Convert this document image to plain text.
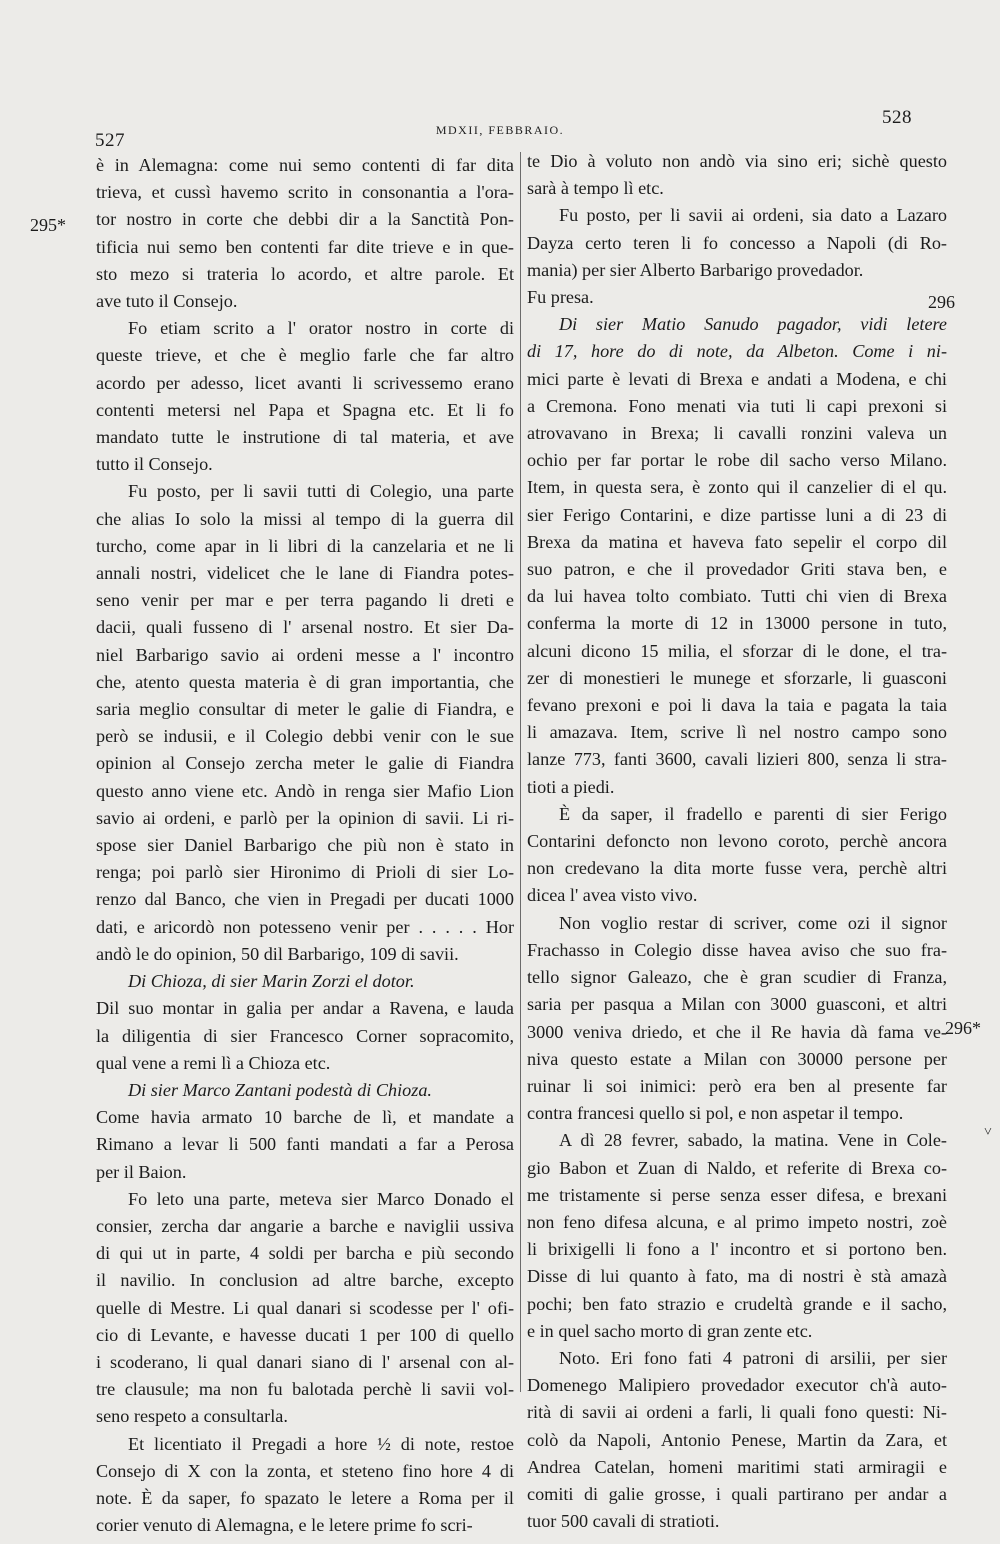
527	MDXII, FEBBRAIO.
528
295*
296
296*
˅
è in Alemagna: come nui semo contenti di far dita
trieva, et cussì havemo scrito in consonantia a l'ora-
tor nostro in corte che debbi dir a la Sanctità Pon-
tificia nui semo ben contenti far dite trieve e in que-
sto mezo si trateria lo acordo, et altre parole. Et
ave tuto il Consejo.
Fo etiam scrito a l' orator nostro in corte di
queste trieve, et che è meglio farle che far altro
acordo per adesso, licet avanti li scrivessemo erano
contenti metersi nel Papa et Spagna etc. Et li fo
mandato tutte le instrutione di tal materia, et ave
tutto il Consejo.
Fu posto, per li savii tutti di Colegio, una parte
che alias Io solo la missi al tempo di la guerra dil
turcho, come apar in li libri di la canzelaria et ne li
annali nostri, videlicet che le lane di Fiandra potes-
seno venir per mar e per terra pagando li dreti e
dacii, quali fusseno di l' arsenal nostro. Et sier Da-
niel Barbarigo savio ai ordeni messe a l' incontro
che, atento questa materia è di gran importantia, che
saria meglio consultar di meter le galie di Fiandra, e
però se indusii, e il Colegio debbi venir con le sue
opinion al Consejo zercha meter le galie di Fiandra
questo anno viene etc. Andò in renga sier Mafio Lion
savio ai ordeni, e parlò per la opinion di savii. Li ri-
spose sier Daniel Barbarigo che più non è stato in
renga; poi parlò sier Hironimo di Prioli di sier Lo-
renzo dal Banco, che vien in Pregadi per ducati 1000
dati, e aricordò non potesseno venir per . . . . . Hor
andò le do opinion, 50 dil Barbarigo, 109 di savii.
Di Chioza, di sier Marin Zorzi el dotor.
Dil suo montar in galia per andar a Ravena, e lauda
la diligentia di sier Francesco Corner sopracomito,
qual vene a remi lì a Chioza etc.
Di sier Marco Zantani podestà di Chioza.
Come havia armato 10 barche de lì, et mandate a
Rimano a levar li 500 fanti mandati a far a Perosa
per il Baion.
Fo leto una parte, meteva sier Marco Donado el
consier, zercha dar angarie a barche e naviglii ussiva
di qui ut in parte, 4 soldi per barcha e più secondo
il navilio. In conclusion ad altre barche, excepto
quelle di Mestre. Li qual danari si scodesse per l' ofi-
cio di Levante, e havesse ducati 1 per 100 di quello
i scoderano, li qual danari siano di l' arsenal con al-
tre clausule; ma non fu balotada perchè li savii vol-
seno respeto a consultarla.
Et licentiato il Pregadi a hore ½ di note, restoe
Consejo di X con la zonta, et steteno fino hore 4 di
note. È da saper, fo spazato le letere a Roma per il
corier venuto di Alemagna, e le letere prime fo scri-
te Dio à voluto non andò via sino eri; sichè questo
sarà à tempo lì etc.
Fu posto, per li savii ai ordeni, sia dato a Lazaro
Dayza certo teren li fo concesso a Napoli (di Ro-
mania) per sier Alberto Barbarigo provedador.
Fu presa.
Di sier Matio Sanudo pagador, vidi letere
di 17, hore do di note, da Albeton. Come i ni-
mici parte è levati di Brexa e andati a Modena, e chi
a Cremona. Fono menati via tuti li capi prexoni si
atrovavano in Brexa; li cavalli ronzini valeva un
ochio per far portar le robe dil sacho verso Milano.
Item, in questa sera, è zonto qui il canzelier di el qu.
sier Ferigo Contarini, e dize partisse luni a di 23 di
Brexa da matina et haveva fato sepelir el corpo dil
suo patron, e che il provedador Griti stava ben, e
da lui havea tolto combiato. Tutti chi vien di Brexa
conferma la morte di 12 in 13000 persone in tuto,
alcuni dicono 15 milia, el sforzar di le done, el tra-
zer di monestieri le munege et sforzarle, li guasconi
fevano prexoni e poi li dava la taia e pagata la taia
li amazava. Item, scrive lì nel nostro campo sono
lanze 773, fanti 3600, cavali lizieri 800, senza li stra-
tioti a piedi.
È da saper, il fradello e parenti di sier Ferigo
Contarini defoncto non levono coroto, perchè ancora
non credevano la dita morte fusse vera, perchè altri
dicea l' avea visto vivo.
Non voglio restar di scriver, come ozi il signor
Frachasso in Colegio disse havea aviso che suo fra-
tello signor Galeazo, che è gran scudier di Franza,
saria per pasqua a Milan con 3000 guasconi, et altri
3000 veniva driedo, et che il Re havia dà fama ve-
niva questo estate a Milan con 30000 persone per
ruinar li soi inimici: però era ben al presente far
contra francesi quello si pol, e non aspetar il tempo.
A dì 28 fevrer, sabado, la matina. Vene in Cole-
gio Babon et Zuan di Naldo, et referite di Brexa co-
me tristamente si perse senza esser difesa, e brexani
non feno difesa alcuna, e al primo impeto nostri, zoè
li brixigelli li fono a l' incontro et si portono ben.
Disse di lui quanto à fato, ma di nostri è stà amazà
pochi; ben fato strazio e crudeltà grande e il sacho,
e in quel sacho morto di gran zente etc.
Noto. Eri fono fati 4 patroni di arsilii, per sier
Domenego Malipiero provedador executor ch'à auto-
rità di savii ai ordeni a farli, li quali fono questi: Ni-
colò da Napoli, Antonio Penese, Martin da Zara, et
Andrea Catelan, homeni maritimi stati armiragii e
comiti di galie grosse, i quali partirano per andar a
tuor 500 cavali di stratioti.
